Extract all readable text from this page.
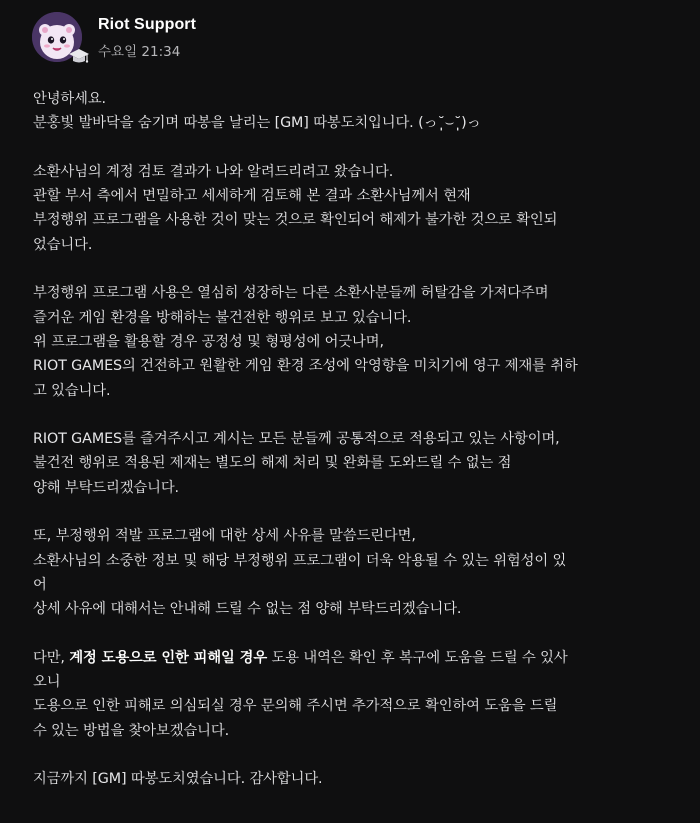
Riot Support
수요일 21:34
안녕하세요.
분홍빛 발바닥을 숨기며 따봉을 날리는 [GM] 따봉도치입니다. (っ˘̩̩̩⌣˘̩̩̩)っ
소환사님의 계정 검토 결과가 나와 알려드리려고 왔습니다.
관할 부서 측에서 면밀하고 세세하게 검토해 본 결과 소환사님께서 현재
부정행위 프로그램을 사용한 것이 맞는 것으로 확인되어 해제가 불가한 것으로 확인되
었습니다.
부정행위 프로그램 사용은 열심히 성장하는 다른 소환사분들께 허탈감을 가져다주며
즐거운 게임 환경을 방해하는 불건전한 행위로 보고 있습니다.
위 프로그램을 활용할 경우 공정성 및 형평성에 어긋나며,
RIOT GAMES의 건전하고 원활한 게임 환경 조성에 악영향을 미치기에 영구 제재를 취하
고 있습니다.
RIOT GAMES를 즐겨주시고 계시는 모든 분들께 공통적으로 적용되고 있는 사항이며,
불건전 행위로 적용된 제재는 별도의 해제 처리 및 완화를 도와드릴 수 없는 점
양해 부탁드리겠습니다.
또, 부정행위 적발 프로그램에 대한 상세 사유를 말씀드린다면,
소환사님의 소중한 정보 및 해당 부정행위 프로그램이 더욱 악용될 수 있는 위험성이 있
어
상세 사유에 대해서는 안내해 드릴 수 없는 점 양해 부탁드리겠습니다.
다만, 계정 도용으로 인한 피해일 경우 도용 내역은 확인 후 복구에 도움을 드릴 수 있사
오니
도용으로 인한 피해로 의심되실 경우 문의해 주시면 추가적으로 확인하여 도움을 드릴
수 있는 방법을 찾아보겠습니다.
지금까지 [GM] 따봉도치였습니다. 감사합니다.
